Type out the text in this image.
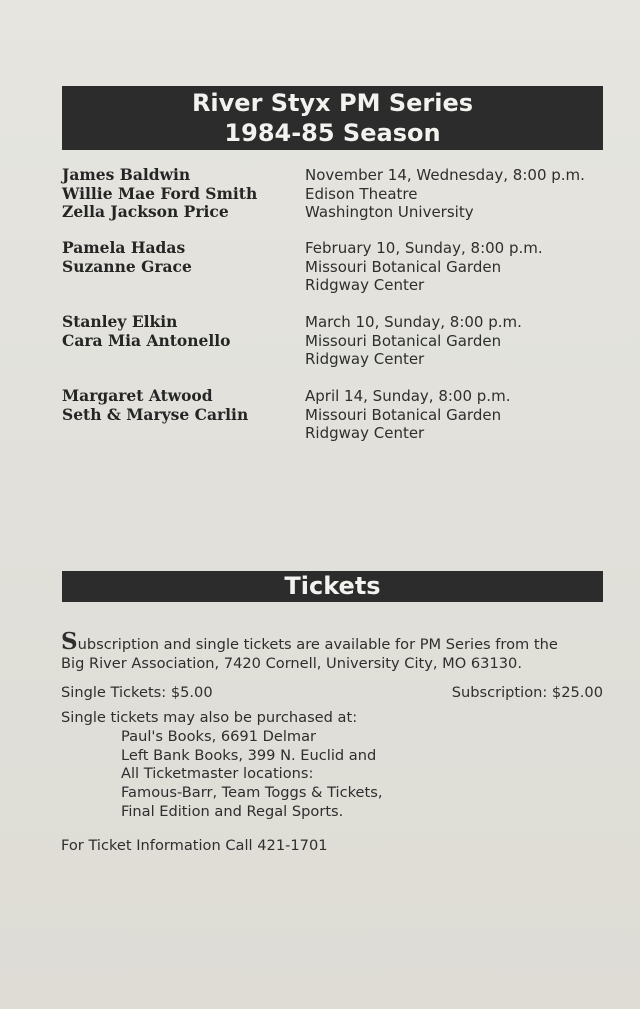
River Styx PM Series
1984-85 Season
James Baldwin
Willie Mae Ford Smith
Zella Jackson Price
November 14, Wednesday, 8:00 p.m.
Edison Theatre
Washington University
Pamela Hadas
Suzanne Grace
February 10, Sunday, 8:00 p.m.
Missouri Botanical Garden
Ridgway Center
Stanley Elkin
Cara Mia Antonello
March 10, Sunday, 8:00 p.m.
Missouri Botanical Garden
Ridgway Center
Margaret Atwood
Seth & Maryse Carlin
April 14, Sunday, 8:00 p.m.
Missouri Botanical Garden
Ridgway Center
Tickets
Subscription and single tickets are available for PM Series from the
Big River Association, 7420 Cornell, University City, MO 63130.
Single Tickets: $5.00	Subscription: $25.00
Single tickets may also be purchased at:
Paul's Books, 6691 Delmar
Left Bank Books, 399 N. Euclid and
All Ticketmaster locations:
Famous-Barr, Team Toggs & Tickets,
Final Edition and Regal Sports.
For Ticket Information Call 421-1701
